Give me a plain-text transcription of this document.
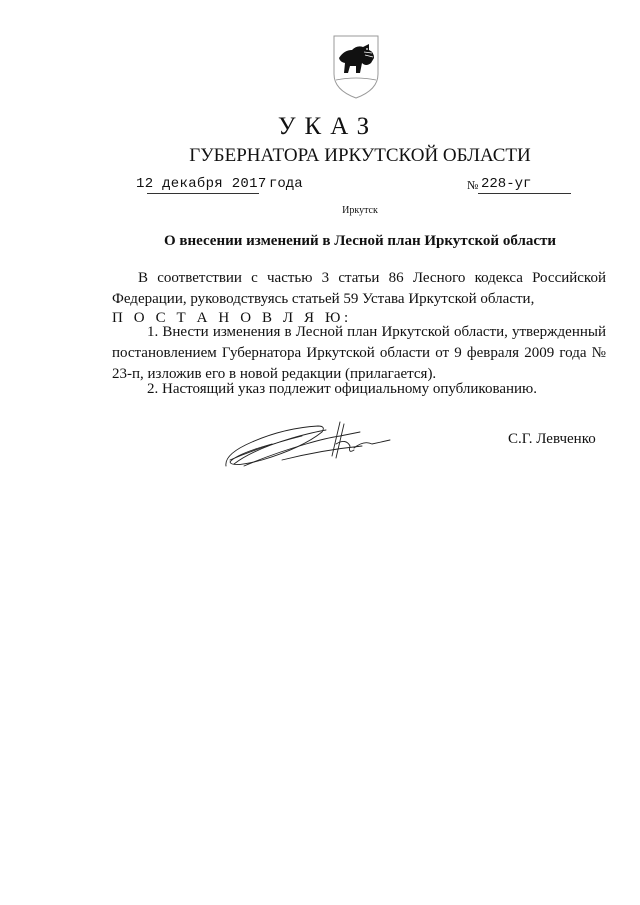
УКАЗ
ГУБЕРНАТОРА ИРКУТСКОЙ ОБЛАСТИ
12 декабря 2017 года	№ 228-уг
Иркутск
О внесении изменений в Лесной план Иркутской области

В соответствии с частью 3 статьи 86 Лесного кодекса Российской Федерации, руководствуясь статьей 59 Устава Иркутской области,

П О С Т А Н О В Л Я Ю:

1. Внести изменения в Лесной план Иркутской области, утвержденный постановлением Губернатора Иркутской области от 9 февраля 2009 года № 23-п, изложив его в новой редакции (прилагается).

2. Настоящий указ подлежит официальному опубликованию.

С.Г. Левченко
